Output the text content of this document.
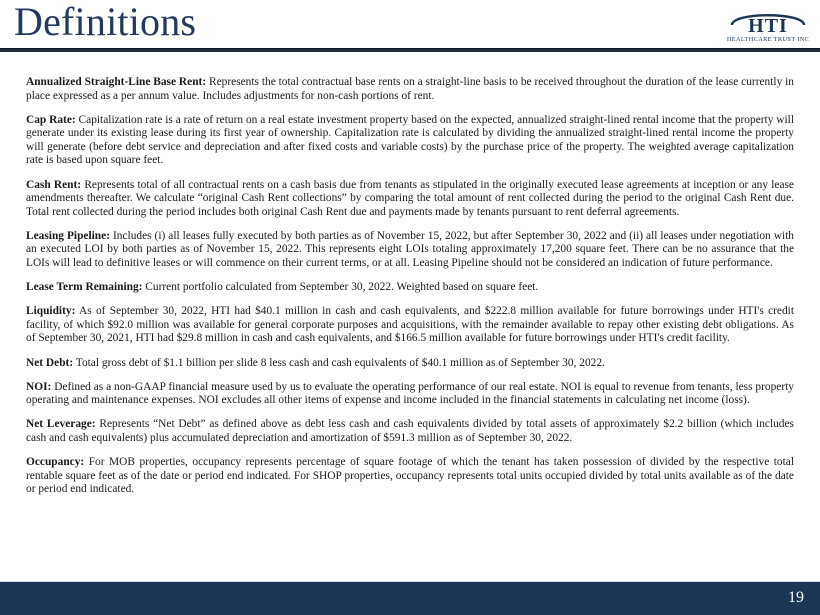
Definitions	HTI
HEALTHCARE TRUST INC

Annualized Straight-Line Base Rent: Represents the total contractual base rents on a straight-line basis to be received throughout the duration of the lease currently in place expressed as a per annum value. Includes adjustments for non-cash portions of rent.

Cap Rate: Capitalization rate is a rate of return on a real estate investment property based on the expected, annualized straight-lined rental income that the property will generate under its existing lease during its first year of ownership. Capitalization rate is calculated by dividing the annualized straight-lined rental income the property will generate (before debt service and depreciation and after fixed costs and variable costs) by the purchase price of the property. The weighted average capitalization rate is based upon square feet.

Cash Rent: Represents total of all contractual rents on a cash basis due from tenants as stipulated in the originally executed lease agreements at inception or any lease amendments thereafter. We calculate “original Cash Rent collections” by comparing the total amount of rent collected during the period to the original Cash Rent due. Total rent collected during the period includes both original Cash Rent due and payments made by tenants pursuant to rent deferral agreements.

Leasing Pipeline: Includes (i) all leases fully executed by both parties as of November 15, 2022, but after September 30, 2022 and (ii) all leases under negotiation with an executed LOI by both parties as of November 15, 2022. This represents eight LOIs totaling approximately 17,200 square feet. There can be no assurance that the LOIs will lead to definitive leases or will commence on their current terms, or at all. Leasing Pipeline should not be considered an indication of future performance.

Lease Term Remaining: Current portfolio calculated from September 30, 2022. Weighted based on square feet.

Liquidity: As of September 30, 2022, HTI had $40.1 million in cash and cash equivalents, and $222.8 million available for future borrowings under HTI's credit facility, of which $92.0 million was available for general corporate purposes and acquisitions, with the remainder available to repay other existing debt obligations. As of September 30, 2021, HTI had $29.8 million in cash and cash equivalents, and $166.5 million available for future borrowings under HTI's credit facility.

Net Debt: Total gross debt of $1.1 billion per slide 8 less cash and cash equivalents of $40.1 million as of September 30, 2022.

NOI: Defined as a non-GAAP financial measure used by us to evaluate the operating performance of our real estate. NOI is equal to revenue from tenants, less property operating and maintenance expenses. NOI excludes all other items of expense and income included in the financial statements in calculating net income (loss).

Net Leverage: Represents “Net Debt” as defined above as debt less cash and cash equivalents divided by total assets of approximately $2.2 billion (which includes cash and cash equivalents) plus accumulated depreciation and amortization of $591.3 million as of September 30, 2022.

Occupancy: For MOB properties, occupancy represents percentage of square footage of which the tenant has taken possession of divided by the respective total rentable square feet as of the date or period end indicated. For SHOP properties, occupancy represents total units occupied divided by total units available as of the date or period end indicated.

19
